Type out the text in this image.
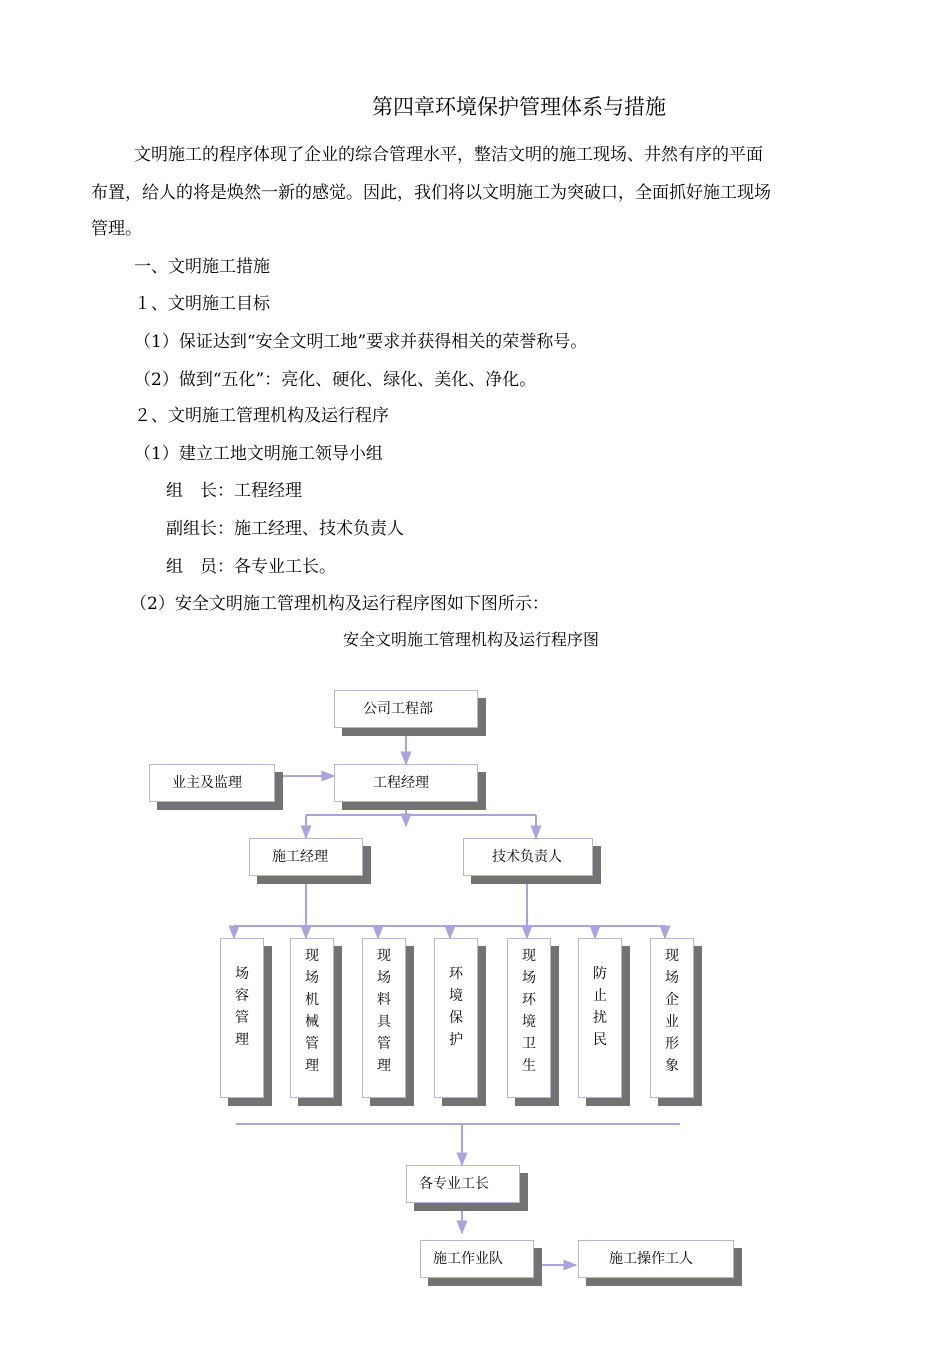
第四章环境保护管理体系与措施
文明施工的程序体现了企业的综合管理水平，整洁文明的施工现场、井然有序的平面
布置，给人的将是焕然一新的感觉。因此，我们将以文明施工为突破口，全面抓好施工现场
管理。
一、文明施工措施
１、文明施工目标
（1）保证达到“安全文明工地”要求并获得相关的荣誉称号。
（2）做到“五化”：亮化、硬化、绿化、美化、净化。
２、文明施工管理机构及运行程序
（1）建立工地文明施工领导小组
组　长：工程经理
副组长：施工经理、技术负责人
组　员：各专业工长。
（2）安全文明施工管理机构及运行程序图如下图所示：
安全文明施工管理机构及运行程序图
公司工程部
业主及监理	工程经理
施工经理	技术负责人
场容管理
现场机械管理
现场料具管理
环境保护
现场环境卫生
防止扰民
现场企业形象
各专业工长
施工作业队	施工操作工人
